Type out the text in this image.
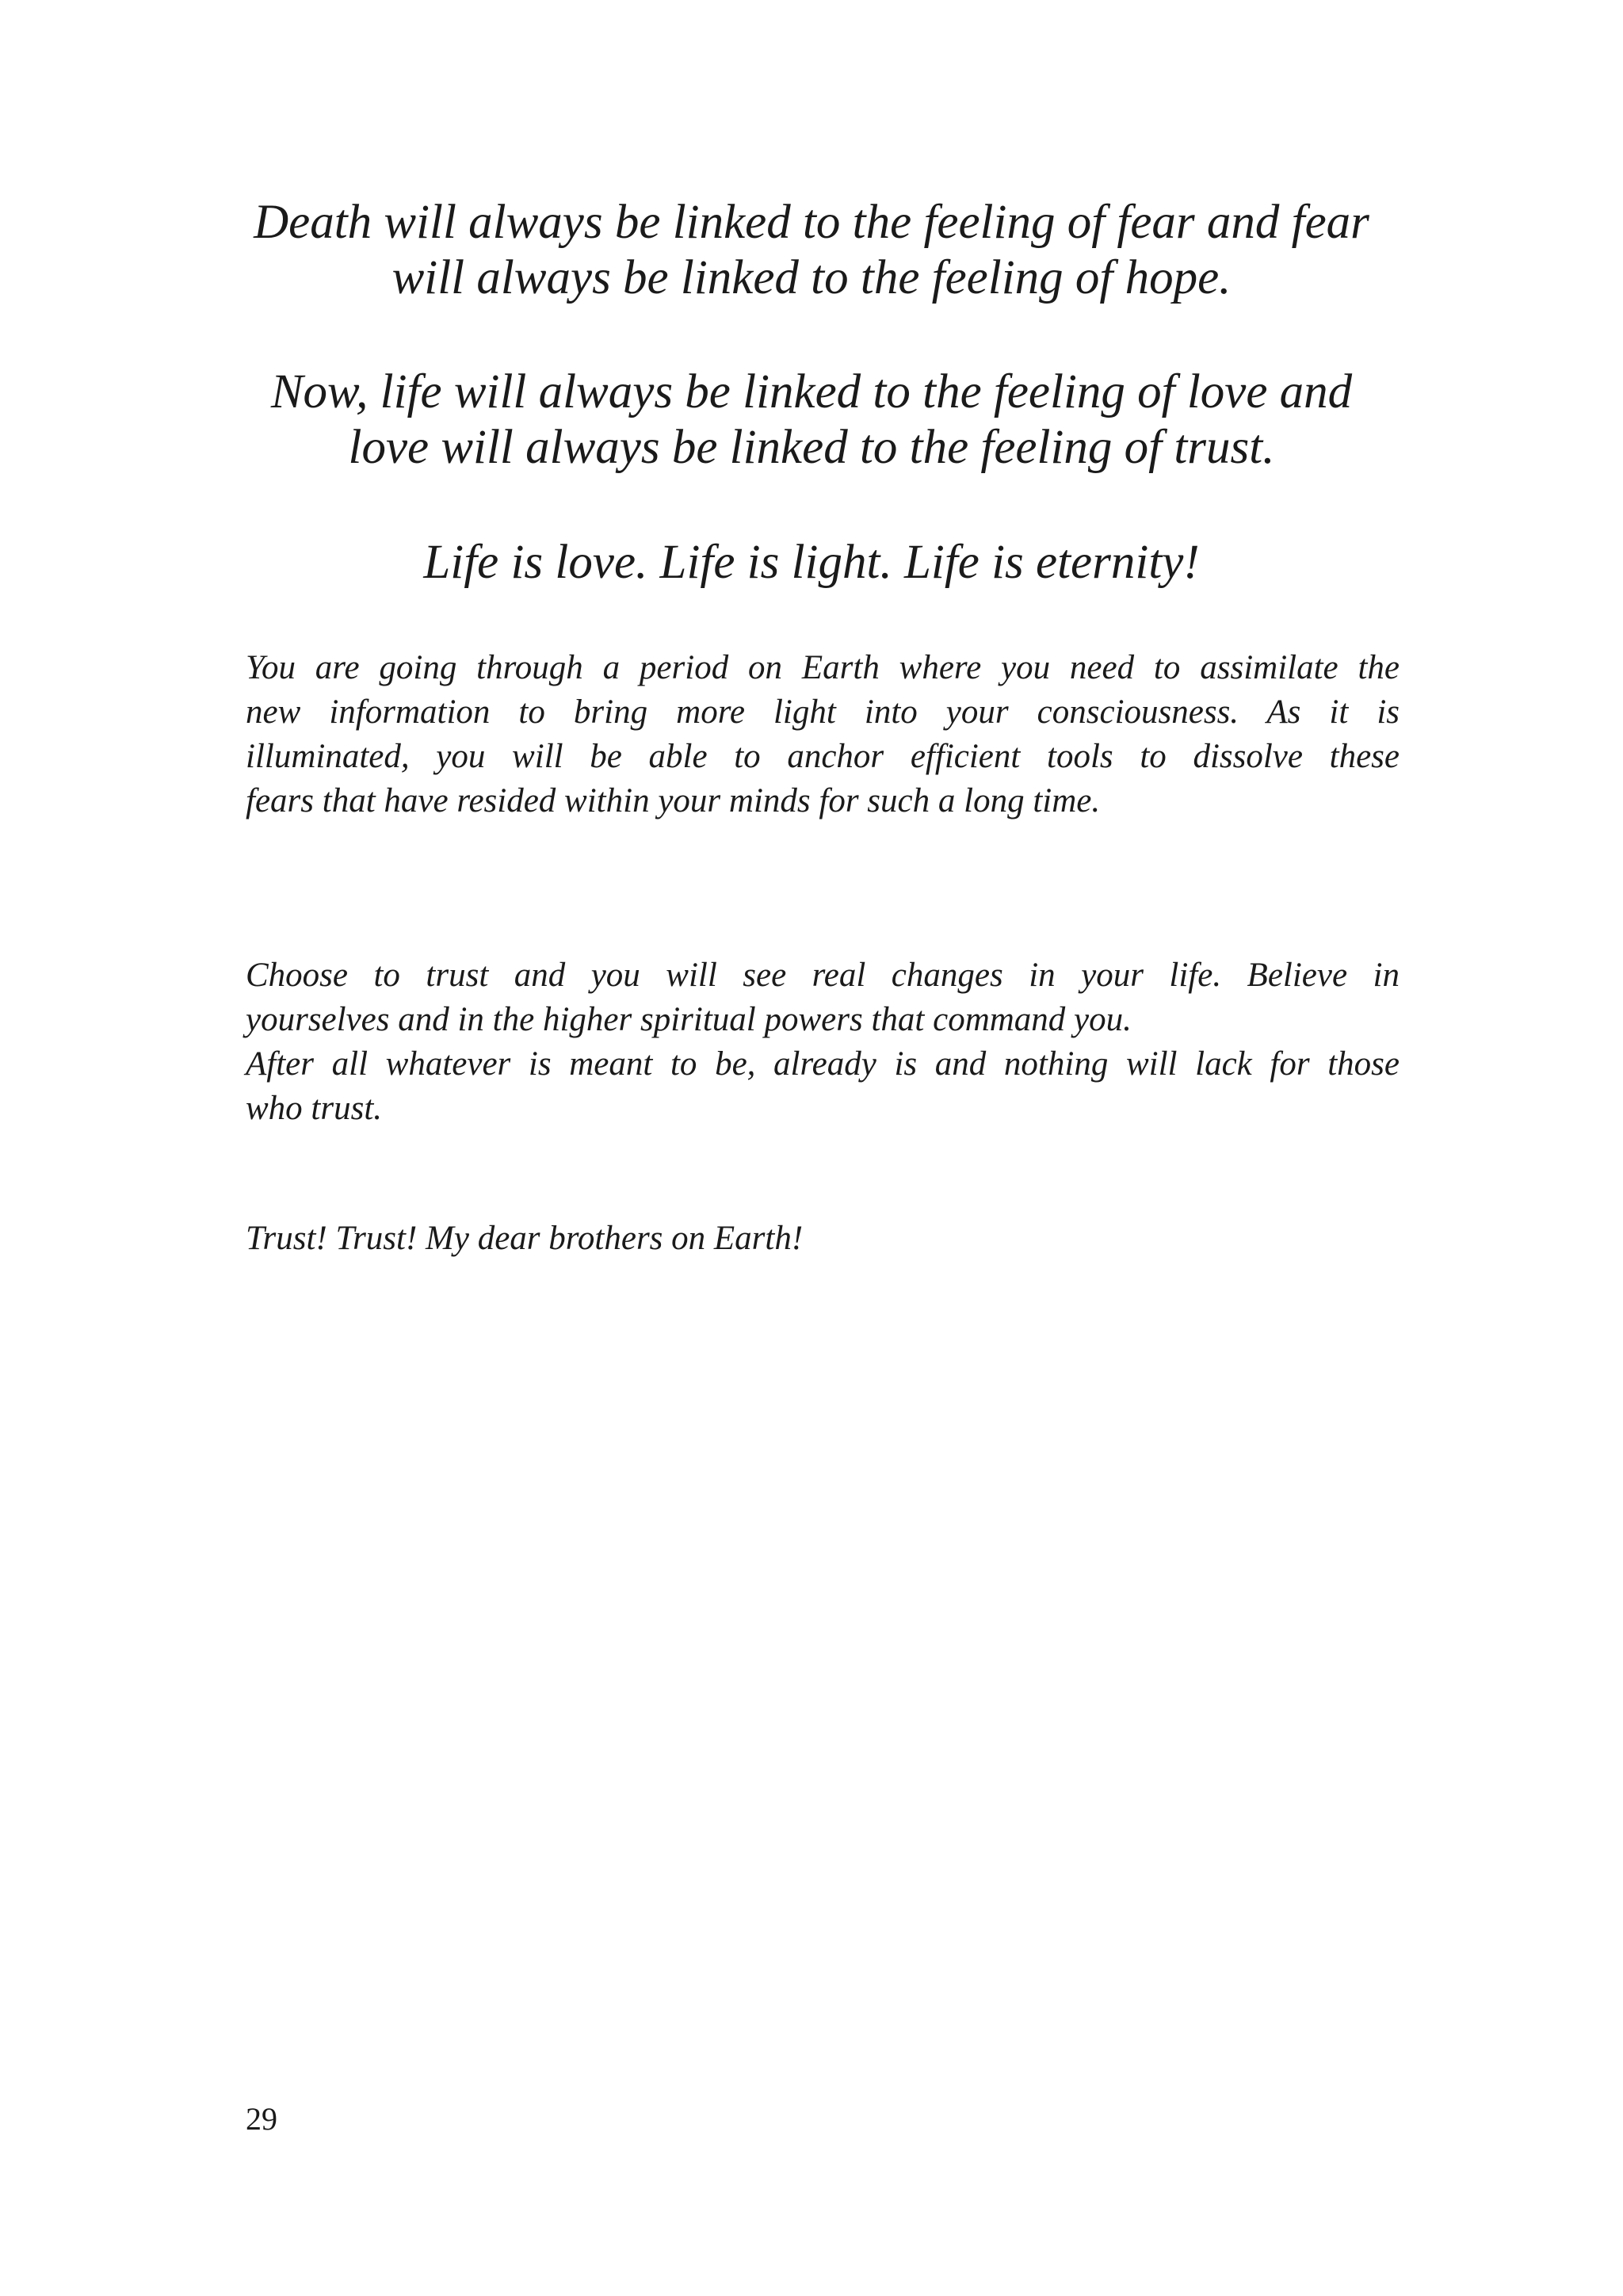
Death will always be linked to the feeling of fear and fear
will always be linked to the feeling of hope.

Now, life will always be linked to the feeling of love and
love will always be linked to the feeling of trust.

Life is love. Life is light. Life is eternity!

You are going through a period on Earth where you need to assimilate the
new information to bring more light into your consciousness. As it is
illuminated, you will be able to anchor efficient tools to dissolve these
fears that have resided within your minds for such a long time.

Choose to trust and you will see real changes in your life. Believe in
yourselves and in the higher spiritual powers that command you.
After all whatever is meant to be, already is and nothing will lack for those
who trust.

Trust! Trust! My dear brothers on Earth!

29
